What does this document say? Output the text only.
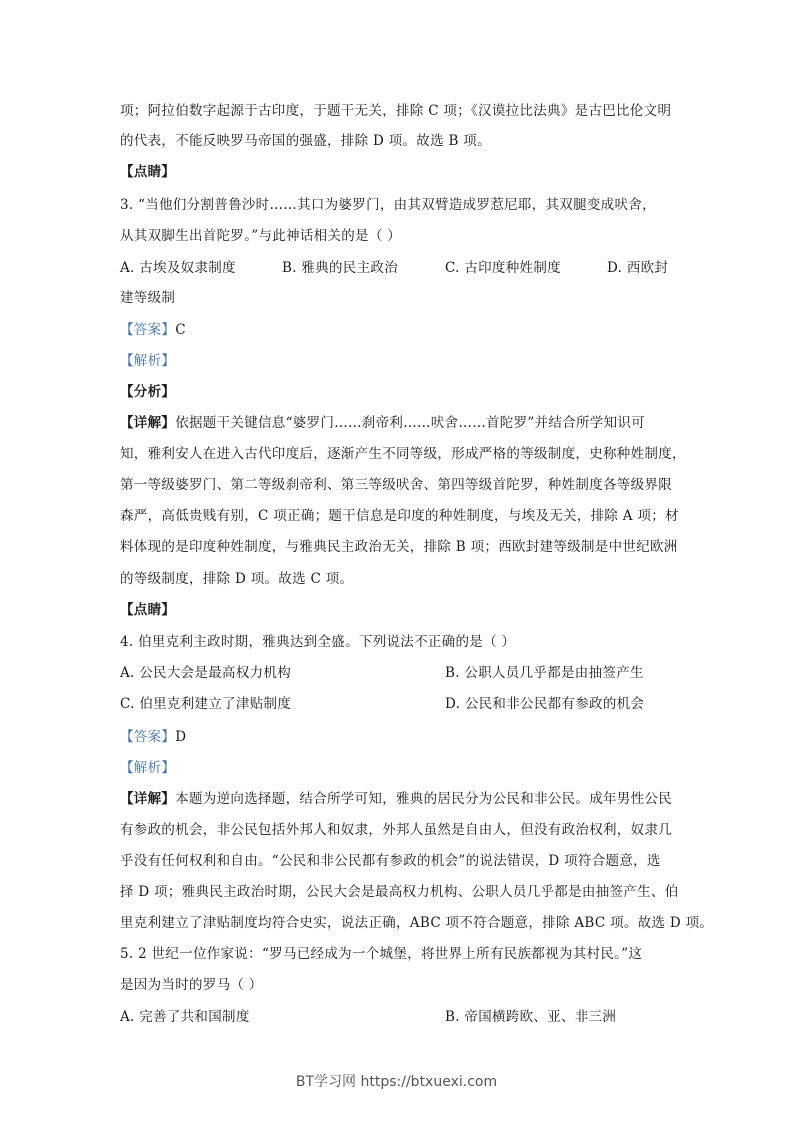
项；阿拉伯数字起源于古印度，于题干无关，排除 C 项；《汉谟拉比法典》是古巴比伦文明
的代表，不能反映罗马帝国的强盛，排除 D 项。故选 B 项。
【点睛】
3. “当他们分割普鲁沙时……其口为婆罗门，由其双臂造成罗惹尼耶，其双腿变成吠舍，
从其双脚生出首陀罗。”与此神话相关的是（ ）
A. 古埃及奴隶制度	B. 雅典的民主政治	C. 古印度种姓制度	D. 西欧封
建等级制
【答案】C
【解析】
【分析】
【详解】依据题干关键信息“婆罗门……刹帝利……吠舍……首陀罗”并结合所学知识可
知，雅利安人在进入古代印度后，逐渐产生不同等级，形成严格的等级制度，史称种姓制度，
第一等级婆罗门、第二等级刹帝利、第三等级吠舍、第四等级首陀罗，种姓制度各等级界限
森严，高低贵贱有别，C 项正确；题干信息是印度的种姓制度，与埃及无关，排除 A 项；材
料体现的是印度种姓制度，与雅典民主政治无关，排除 B 项；西欧封建等级制是中世纪欧洲
的等级制度，排除 D 项。故选 C 项。
【点睛】
4. 伯里克利主政时期，雅典达到全盛。下列说法不正确的是（ ）
A. 公民大会是最高权力机构	B. 公职人员几乎都是由抽签产生
C. 伯里克利建立了津贴制度	D. 公民和非公民都有参政的机会
【答案】D
【解析】
【详解】本题为逆向选择题，结合所学可知，雅典的居民分为公民和非公民。成年男性公民
有参政的机会，非公民包括外邦人和奴隶，外邦人虽然是自由人，但没有政治权利，奴隶几
乎没有任何权利和自由。“公民和非公民都有参政的机会”的说法错误，D 项符合题意，选
择 D 项；雅典民主政治时期，公民大会是最高权力机构、公职人员几乎都是由抽签产生、伯
里克利建立了津贴制度均符合史实，说法正确，ABC 项不符合题意，排除 ABC 项。故选 D 项。
5. 2 世纪一位作家说：“罗马已经成为一个城堡，将世界上所有民族都视为其村民。”这
是因为当时的罗马（ ）
A. 完善了共和国制度	B. 帝国横跨欧、亚、非三洲
BT学习网 https://btxuexi.com
